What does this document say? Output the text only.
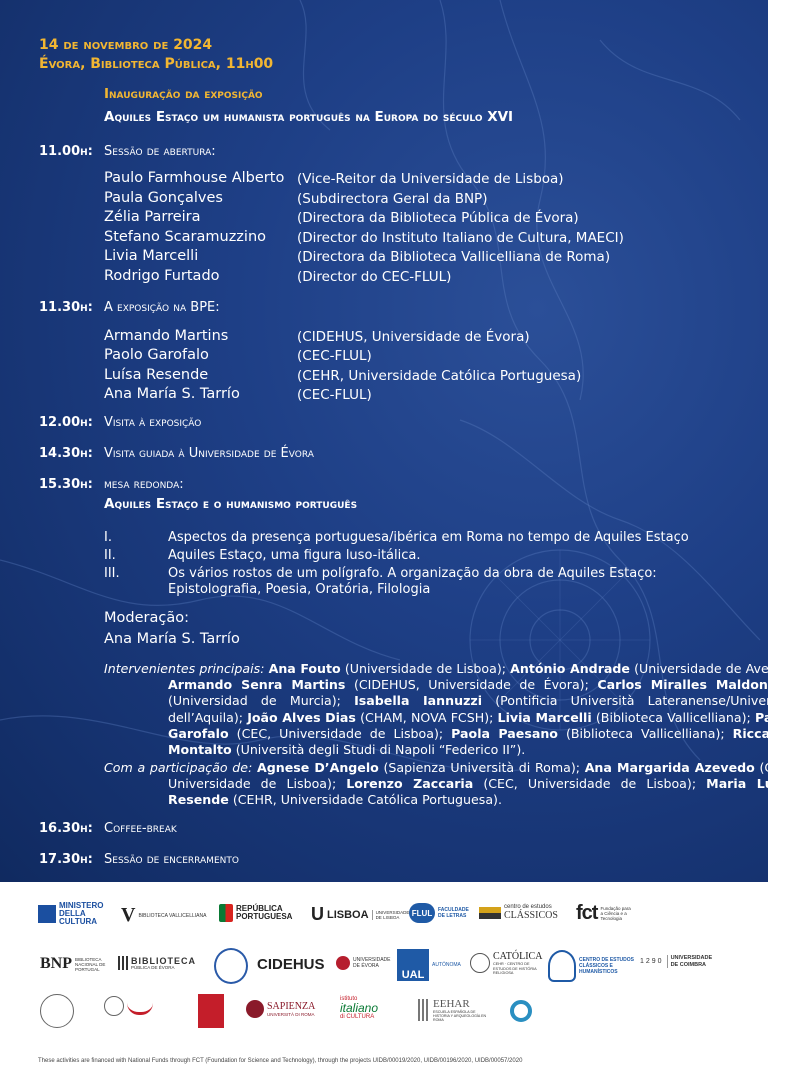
14 de novembro de 2024
Évora, Biblioteca Pública, 11h00
Inauguração da exposição
Aquiles Estaço um humanista português na Europa do século XVI
11.00h: Sessão de abertura:
Paulo Farmhouse Alberto (Vice-Reitor da Universidade de Lisboa)
Paula Gonçalves	(Subdirectora Geral da BNP)
Zélia Parreira	(Directora da Biblioteca Pública de Évora)
Stefano Scaramuzzino (Director do Instituto Italiano de Cultura, MAECI)
Livia Marcelli	(Directora da Biblioteca Vallicelliana de Roma)
Rodrigo Furtado	(Director do CEC-FLUL)
11.30h: A exposição na BPE:
Armando Martins	(CIDEHUS, Universidade de Évora)
Paolo Garofalo	(CEC-FLUL)
Luísa Resende	(CEHR, Universidade Católica Portuguesa)
Ana María S. Tarrío	(CEC-FLUL)
12.00h: Visita à exposição
14.30h: Visita guiada à Universidade de Évora
15.30h: mesa redonda:
Aquiles Estaço e o humanismo português
I.	Aspectos da presença portuguesa/ibérica em Roma no tempo de Aquiles Estaço
II.	Aquiles Estaço, uma figura luso-itálica.
III.	Os vários rostos de um polígrafo. A organização da obra de Aquiles Estaço:
Epistolografia, Poesia, Oratória, Filologia
Moderação:
Ana María S. Tarrío
Intervenientes principais: Ana Fouto (Universidade de Lisboa); António Andrade (Universidade de Aveiro); Armando Senra Martins (CIDEHUS, Universidade de Évora); Carlos Miralles Maldonado (Universidad de Murcia); Isabella Iannuzzi (Pontificia Università Lateranense/Università dell’Aquila); João Alves Dias (CHAM, NOVA FCSH); Livia Marcelli (Biblioteca Vallicelliana); Paolo Garofalo (CEC, Universidade de Lisboa); Paola Paesano (Biblioteca Vallicelliana); Riccardo Montalto (Università degli Studi di Napoli “Federico II”).
Com a participação de: Agnese D’Angelo (Sapienza Università di Roma); Ana Margarida Azevedo (CEC, Universidade de Lisboa); Lorenzo Zaccaria (CEC, Universidade de Lisboa); Maria Luísa Resende (CEHR, Universidade Católica Portuguesa).
16.30h: Coffee-break
17.30h: Sessão de encerramento
MINISTERO DELLA CULTURA	V BIBLIOTECA VALLICELLIANA
REPÚBLICA PORTUGUESA U LISBOA	UNIVERSIDADE DE LISBOA	FLUL	FACULDADE DE LETRAS
centro de estudos
CLÁSSICOS fct Fundação para a Ciência e a Tecnologia
BNP BIBLIOTECA NACIONAL DE PORTUGAL
BIBLIOTECA
PÚBLICA DE ÉVORA	CIDEHUS	UNIVERSIDADE DE ÉVORA
UAL
AUTÓNOMA
CATÓLICA
CEHR · CENTRO DE ESTUDOS DE HISTÓRIA RELIGIOSA
CENTRO DE ESTUDOS CLÁSSICOS E HUMANÍSTICOS
1290	UNIVERSIDADE DE COIMBRA
SAPIENZA
UNIVERSITÀ DI ROMA
istituto
italiano
di CULTURA
EEHAR
ESCUELA ESPAÑOLA DE HISTORIA Y ARQUEOLOGÍA EN ROMA
These activities are financed with National Funds through FCT (Foundation for Science and Technology), through the projects UIDB/00019/2020, UIDB/00196/2020, UIDB/00057/2020
